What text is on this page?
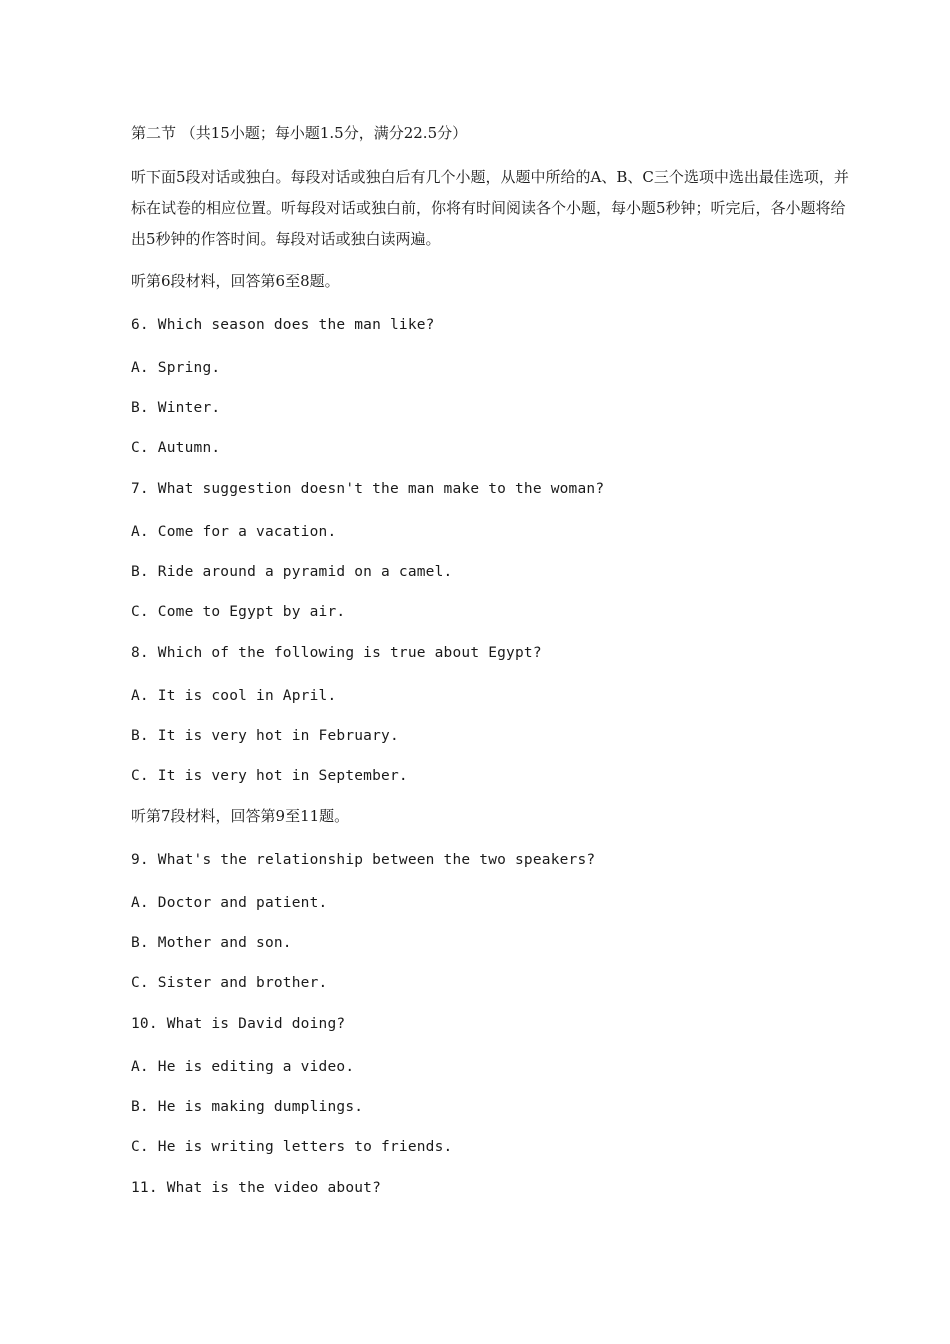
第二节 （共15小题；每小题1.5分，满分22.5分）
听下面5段对话或独白。每段对话或独白后有几个小题，从题中所给的A、B、C三个选项中选出最佳选项，并标在试卷的相应位置。听每段对话或独白前，你将有时间阅读各个小题，每小题5秒钟；听完后，各小题将给出5秒钟的作答时间。每段对话或独白读两遍。
听第6段材料，回答第6至8题。
6. Which season does the man like?
A. Spring.
B. Winter.
C. Autumn.
7. What suggestion doesn't the man make to the woman?
A. Come for a vacation.
B. Ride around a pyramid on a camel.
C. Come to Egypt by air.
8. Which of the following is true about Egypt?
A. It is cool in April.
B. It is very hot in February.
C. It is very hot in September.
听第7段材料，回答第9至11题。
9. What's the relationship between the two speakers?
A. Doctor and patient.
B. Mother and son.
C. Sister and brother.
10. What is David doing?
A. He is editing a video.
B. He is making dumplings.
C. He is writing letters to friends.
11. What is the video about?
